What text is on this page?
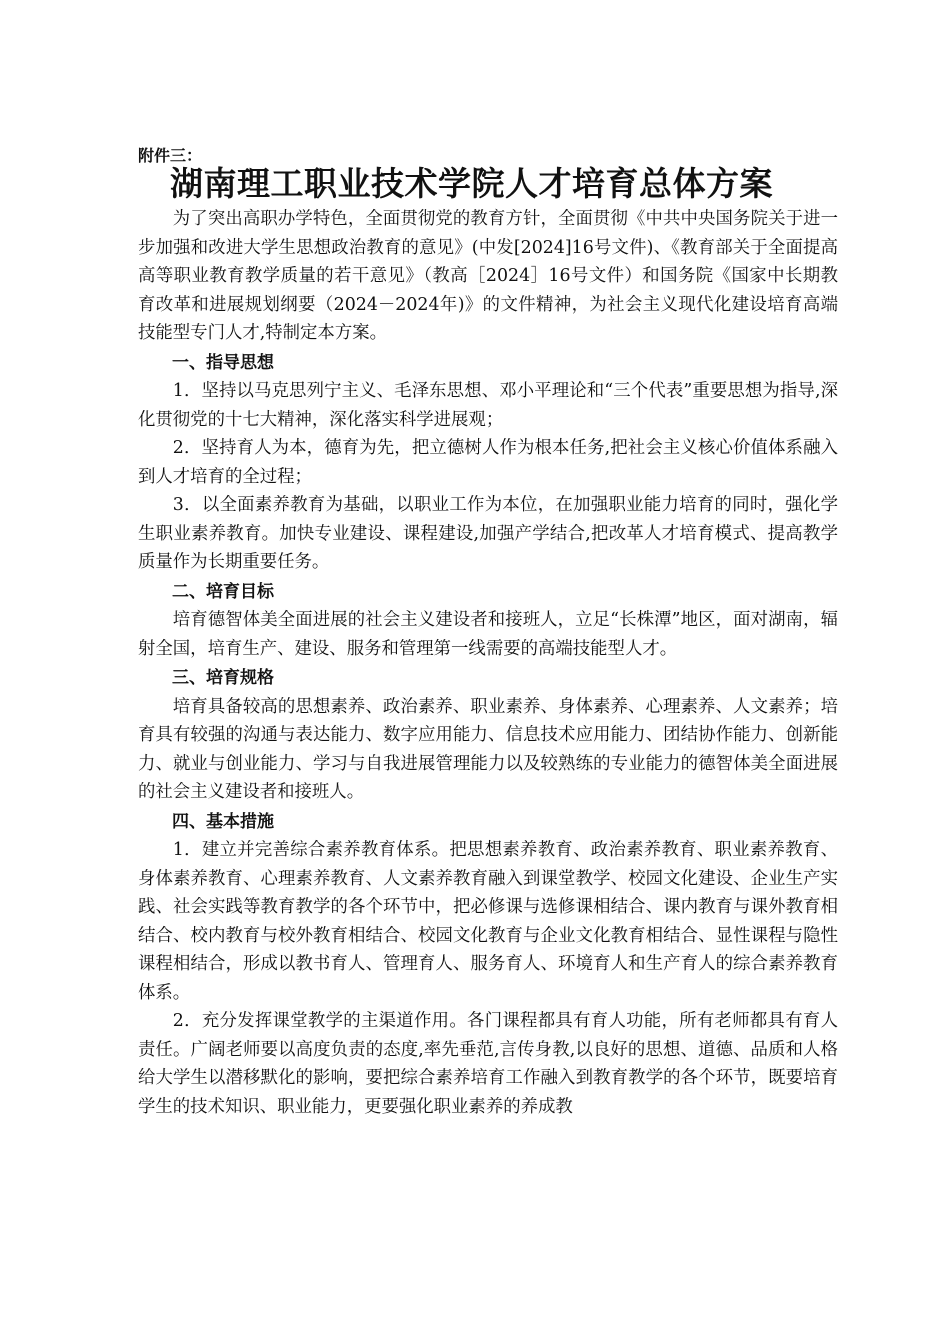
附件三：
湖南理工职业技术学院人才培育总体方案

为了突出高职办学特色，全面贯彻党的教育方针，全面贯彻《中共中央国务院关于进一步加强和改进大学生思想政治教育的意见》(中发[2024]16号文件)、《教育部关于全面提高高等职业教育教学质量的若干意见》（教高［2024］16号文件）和国务院《国家中长期教育改革和进展规划纲要（2024－2024年)》的文件精神，为社会主义现代化建设培育高端技能型专门人才,特制定本方案。

一、指导思想

1．坚持以马克思列宁主义、毛泽东思想、邓小平理论和“三个代表”重要思想为指导,深化贯彻党的十七大精神，深化落实科学进展观；

2．坚持育人为本，德育为先，把立德树人作为根本任务,把社会主义核心价值体系融入到人才培育的全过程；

3．以全面素养教育为基础，以职业工作为本位，在加强职业能力培育的同时，强化学生职业素养教育。加快专业建设、课程建设,加强产学结合,把改革人才培育模式、提高教学质量作为长期重要任务。

二、培育目标

培育德智体美全面进展的社会主义建设者和接班人，立足“长株潭”地区，面对湖南，辐射全国，培育生产、建设、服务和管理第一线需要的高端技能型人才。

三、培育规格

培育具备较高的思想素养、政治素养、职业素养、身体素养、心理素养、人文素养；培育具有较强的沟通与表达能力、数字应用能力、信息技术应用能力、团结协作能力、创新能力、就业与创业能力、学习与自我进展管理能力以及较熟练的专业能力的德智体美全面进展的社会主义建设者和接班人。

四、基本措施

1．建立并完善综合素养教育体系。把思想素养教育、政治素养教育、职业素养教育、身体素养教育、心理素养教育、人文素养教育融入到课堂教学、校园文化建设、企业生产实践、社会实践等教育教学的各个环节中，把必修课与选修课相结合、课内教育与课外教育相结合、校内教育与校外教育相结合、校园文化教育与企业文化教育相结合、显性课程与隐性课程相结合，形成以教书育人、管理育人、服务育人、环境育人和生产育人的综合素养教育体系。

2．充分发挥课堂教学的主渠道作用。各门课程都具有育人功能，所有老师都具有育人责任。广阔老师要以高度负责的态度,率先垂范,言传身教,以良好的思想、道德、品质和人格给大学生以潜移默化的影响，要把综合素养培育工作融入到教育教学的各个环节，既要培育学生的技术知识、职业能力，更要强化职业素养的养成教
